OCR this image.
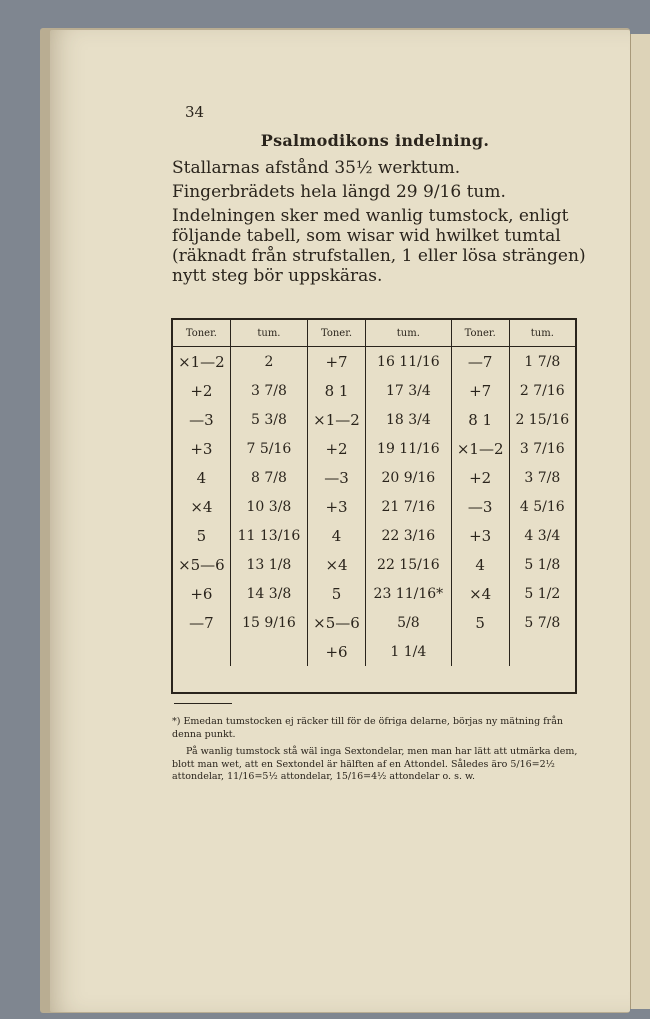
34
Psalmodikons indelning.
Stallarnas afstånd 35½ werktum.
Fingerbrädets hela längd 29 9/16 tum.
Indelningen sker med wanlig tumstock, enligt följande tabell, som wisar wid hwilket tumtal (räknadt från strufstallen, 1 eller lösa strängen) nytt steg bör uppskäras.
Toner.	tum.	Toner.	tum.	Toner.	tum.
×1—2	2	+7	16 11/16	—7	1 7/8
+2	3 7/8	8 1	17 3/4	+7	2 7/16
—3	5 3/8	×1—2	18 3/4	8 1	2 15/16
+3	7 5/16	+2	19 11/16	×1—2	3 7/16
4	8 7/8	—3	20 9/16	+2	3 7/8
×4	10 3/8	+3	21 7/16	—3	4 5/16
5	11 13/16	4	22 3/16	+3	4 3/4
×5—6	13 1/8	×4	22 15/16	4	5 1/8
+6	14 3/8	5	23 11/16*	×4	5 1/2
—7	15 9/16	×5—6	5/8	5	5 7/8
		+6	1 1/4		
*) Emedan tumstocken ej räcker till för de öfriga delarne, börjas ny mätning från denna punkt.
På wanlig tumstock stå wäl inga Sextondelar, men man har lätt att utmärka dem, blott man wet, att en Sextondel är hälften af en Attondel. Således äro 5/16=2½ attondelar, 11/16=5½ attondelar, 15/16=4½ attondelar o. s. w.
